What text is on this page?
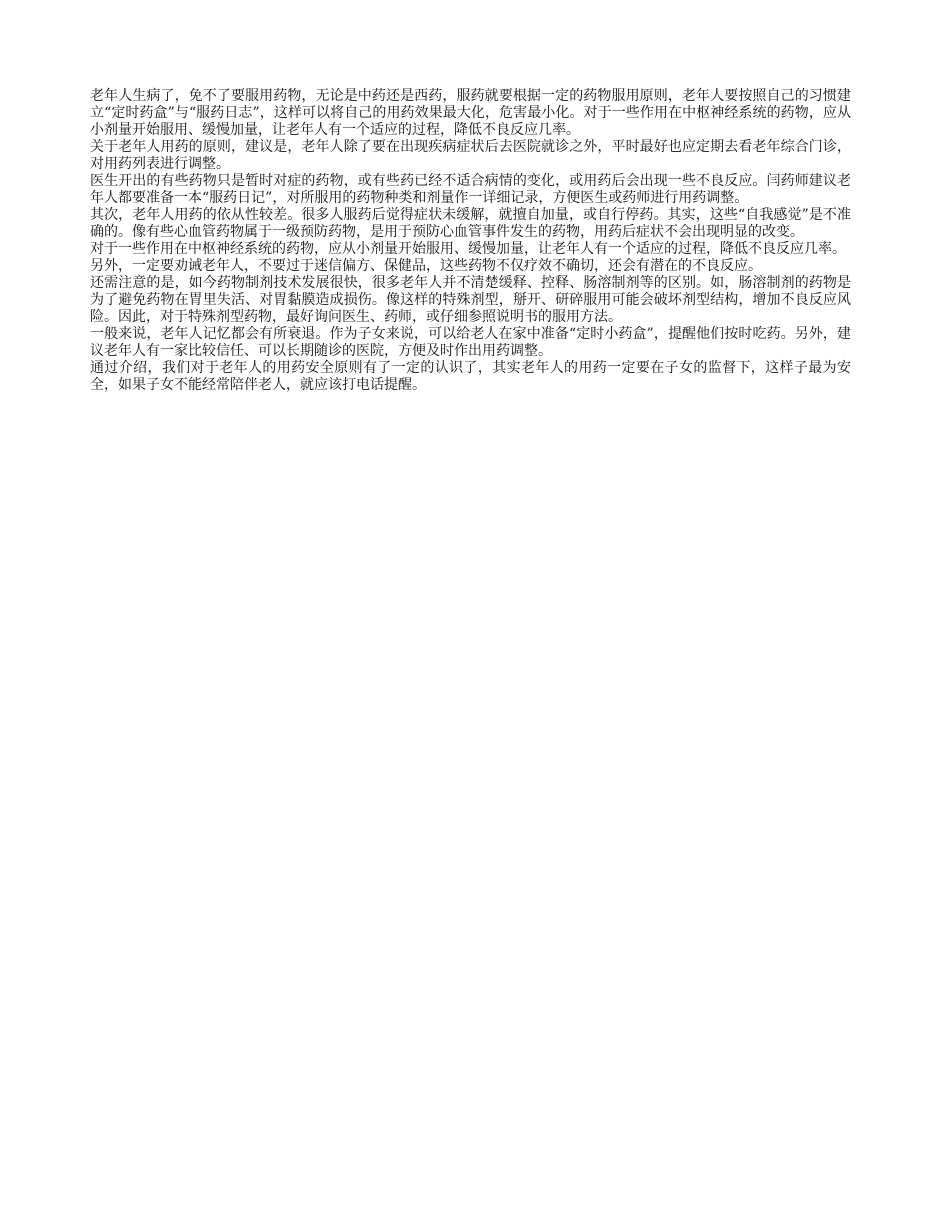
老年人生病了，免不了要服用药物，无论是中药还是西药，服药就要根据一定的药物服用原则，老年人要按照自己的习惯建立“定时药盒”与“服药日志”，这样可以将自己的用药效果最大化，危害最小化。对于一些作用在中枢神经系统的药物，应从小剂量开始服用、缓慢加量，让老年人有一个适应的过程，降低不良反应几率。

关于老年人用药的原则，建议是，老年人除了要在出现疾病症状后去医院就诊之外，平时最好也应定期去看老年综合门诊，对用药列表进行调整。

医生开出的有些药物只是暂时对症的药物，或有些药已经不适合病情的变化，或用药后会出现一些不良反应。闫药师建议老年人都要准备一本“服药日记”，对所服用的药物种类和剂量作一详细记录，方便医生或药师进行用药调整。

其次，老年人用药的依从性较差。很多人服药后觉得症状未缓解，就擅自加量，或自行停药。其实，这些“自我感觉”是不准确的。像有些心血管药物属于一级预防药物，是用于预防心血管事件发生的药物，用药后症状不会出现明显的改变。

对于一些作用在中枢神经系统的药物，应从小剂量开始服用、缓慢加量，让老年人有一个适应的过程，降低不良反应几率。

另外，一定要劝诫老年人，不要过于迷信偏方、保健品，这些药物不仅疗效不确切，还会有潜在的不良反应。

还需注意的是，如今药物制剂技术发展很快，很多老年人并不清楚缓释、控释、肠溶制剂等的区别。如，肠溶制剂的药物是为了避免药物在胃里失活、对胃黏膜造成损伤。像这样的特殊剂型，掰开、研碎服用可能会破坏剂型结构，增加不良反应风险。因此，对于特殊剂型药物，最好询问医生、药师，或仔细参照说明书的服用方法。

一般来说，老年人记忆都会有所衰退。作为子女来说，可以给老人在家中准备“定时小药盒”，提醒他们按时吃药。另外，建议老年人有一家比较信任、可以长期随诊的医院，方便及时作出用药调整。

通过介绍，我们对于老年人的用药安全原则有了一定的认识了，其实老年人的用药一定要在子女的监督下，这样子最为安全，如果子女不能经常陪伴老人，就应该打电话提醒。
